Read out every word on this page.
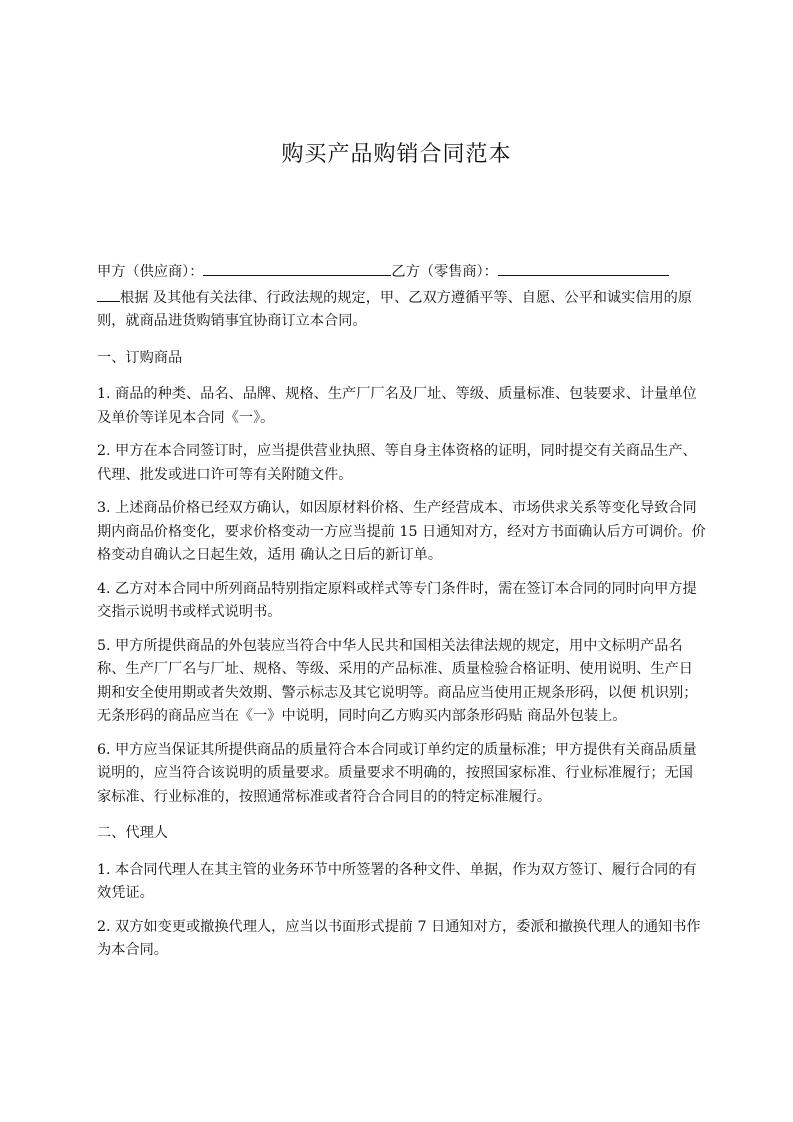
购买产品购销合同范本

甲方（供应商）：	乙方（零售商）：

根据 及其他有关法律、行政法规的规定，甲、乙双方遵循平等、自愿、公平和诚实信用的原则，就商品进货购销事宜协商订立本合同。

一、订购商品

1. 商品的种类、品名、品牌、规格、生产厂厂名及厂址、等级、质量标准、包装要求、计量单位及单价等详见本合同《一》。

2. 甲方在本合同签订时，应当提供营业执照、等自身主体资格的证明，同时提交有关商品生产、代理、批发或进口许可等有关附随文件。

3. 上述商品价格已经双方确认，如因原材料价格、生产经营成本、市场供求关系等变化导致合同期内商品价格变化，要求价格变动一方应当提前 15 日通知对方，经对方书面确认后方可调价。价格变动自确认之日起生效，适用 确认之日后的新订单。

4. 乙方对本合同中所列商品特别指定原料或样式等专门条件时，需在签订本合同的同时向甲方提交指示说明书或样式说明书。

5. 甲方所提供商品的外包装应当符合中华人民共和国相关法律法规的规定，用中文标明产品名称、生产厂厂名与厂址、规格、等级、采用的产品标准、质量检验合格证明、使用说明、生产日期和安全使用期或者失效期、警示标志及其它说明等。商品应当使用正规条形码，以便 机识别；无条形码的商品应当在《一》中说明，同时向乙方购买内部条形码贴 商品外包装上。

6. 甲方应当保证其所提供商品的质量符合本合同或订单约定的质量标准；甲方提供有关商品质量说明的，应当符合该说明的质量要求。质量要求不明确的，按照国家标准、行业标准履行；无国家标准、行业标准的，按照通常标准或者符合合同目的的特定标准履行。

二、代理人

1. 本合同代理人在其主管的业务环节中所签署的各种文件、单据，作为双方签订、履行合同的有效凭证。

2. 双方如变更或撤换代理人，应当以书面形式提前 7 日通知对方，委派和撤换代理人的通知书作为本合同。
